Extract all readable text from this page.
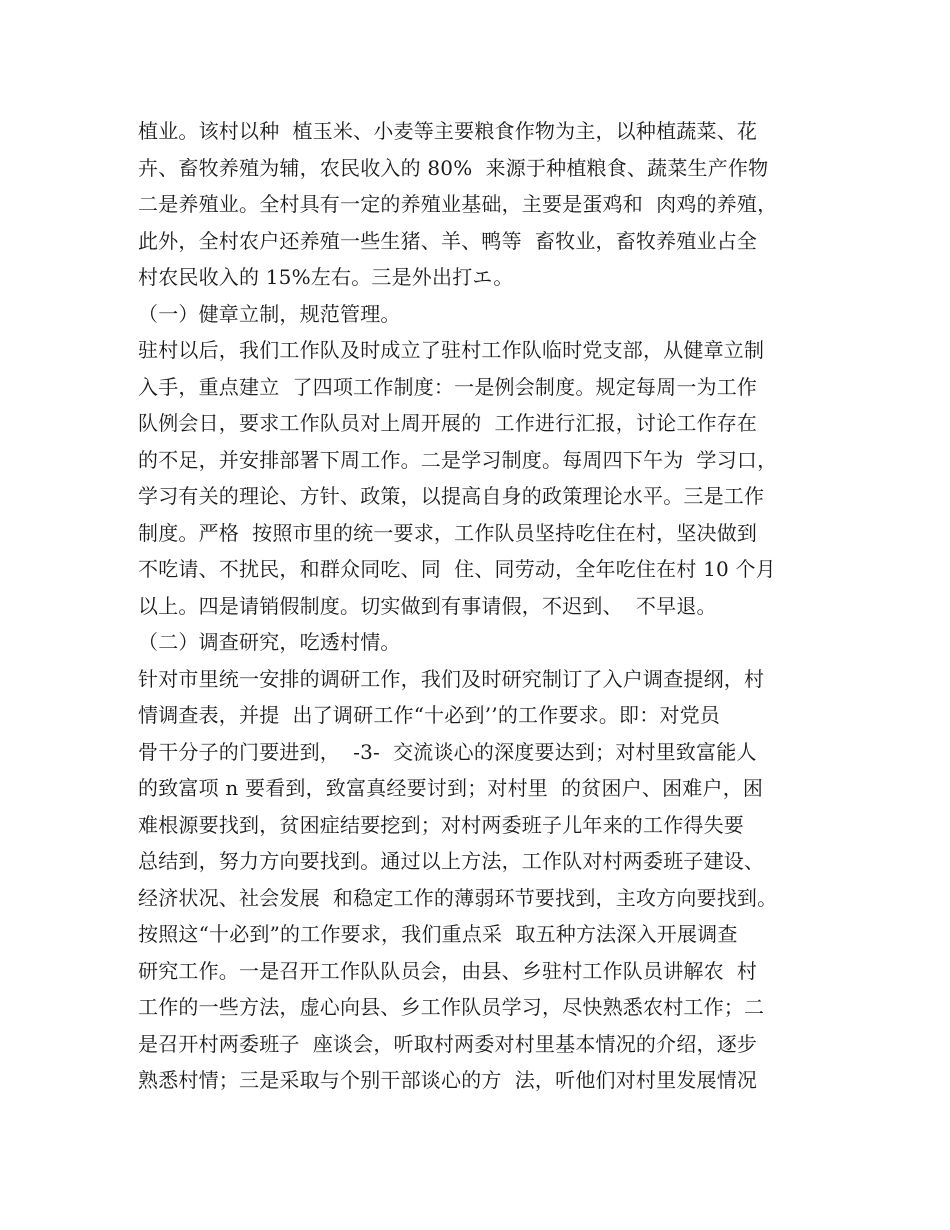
植业。该村以种  植玉米、小麦等主要粮食作物为主，以种植蔬菜、花
卉、畜牧养殖为辅，农民收入的 80%  来源于种植粮食、蔬菜生产作物
二是养殖业。全村具有一定的养殖业基础，主要是蛋鸡和  肉鸡的养殖，
此外，全村农户还养殖一些生猪、羊、鸭等  畜牧业，畜牧养殖业占全
村农民收入的 15%左右。三是外出打エ。
（一）健章立制，规范管理。
驻村以后，我们工作队及时成立了驻村工作队临时党支部，从健章立制
入手，重点建立  了四项工作制度：一是例会制度。规定每周一为工作
队例会日，要求工作队员对上周开展的  工作进行汇报，讨论工作存在
的不足，并安排部署下周工作。二是学习制度。每周四下午为  学习口，
学习有关的理论、方针、政策，以提高自身的政策理论水平。三是工作
制度。严格  按照市里的统一要求，工作队员坚持吃住在村，坚决做到
不吃请、不扰民，和群众同吃、同  住、同劳动，全年吃住在村 10 个月
以上。四是请销假制度。切实做到有事请假，不迟到、  不早退。
（二）调查研究，吃透村情。
针对市里统一安排的调研工作，我们及时研究制订了入户调查提纲，村
情调查表，并提  出了调研工作“十必到’’的工作要求。即：对党员
骨干分子的门要进到，  -3-  交流谈心的深度要达到；对村里致富能人
的致富项 n 要看到，致富真经要讨到；对村里  的贫困户、困难户，困
难根源要找到，贫困症结要挖到；对村两委班子儿年来的工作得失要
总结到，努力方向要找到。通过以上方法，工作队对村两委班子建设、
经济状况、社会发展  和稳定工作的薄弱环节要找到，主攻方向要找到。
按照这“十必到”的工作要求，我们重点采  取五种方法深入开展调查
研究工作。一是召开工作队队员会，由县、乡驻村工作队员讲解农  村
工作的一些方法，虚心向县、乡工作队员学习，尽快熟悉农村工作；二
是召开村两委班子  座谈会，听取村两委对村里基本情况的介绍，逐步
熟悉村情；三是采取与个别干部谈心的方  法，听他们对村里发展情况
